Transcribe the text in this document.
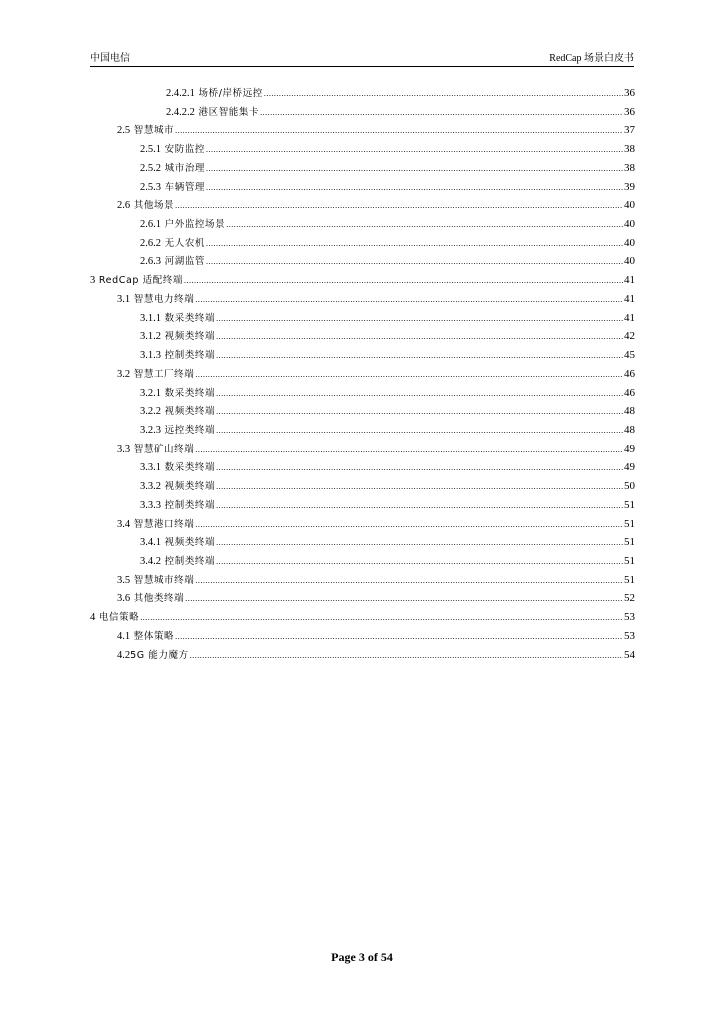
中国电信	RedCap 场景白皮书
2.4.2.1 场桥/岸桥远控 .....	36
2.4.2.2 港区智能集卡 .....	36
2.5 智慧城市 .....	37
2.5.1 安防监控 .....	38
2.5.2 城市治理 .....	38
2.5.3 车辆管理 .....	39
2.6 其他场景 .....	40
2.6.1 户外监控场景 .....	40
2.6.2 无人农机 .....	40
2.6.3 河湖监管 .....	40
3 RedCap 适配终端 .....	41
3.1 智慧电力终端 .....	41
3.1.1 数采类终端 .....	41
3.1.2 视频类终端 .....	42
3.1.3 控制类终端 .....	45
3.2 智慧工厂终端 .....	46
3.2.1 数采类终端 .....	46
3.2.2 视频类终端 .....	48
3.2.3 远控类终端 .....	48
3.3 智慧矿山终端 .....	49
3.3.1 数采类终端 .....	49
3.3.2 视频类终端 .....	50
3.3.3 控制类终端 .....	51
3.4 智慧港口终端 .....	51
3.4.1 视频类终端 .....	51
3.4.2 控制类终端 .....	51
3.5 智慧城市终端 .....	51
3.6 其他类终端 .....	52
4 电信策略 .....	53
4.1 整体策略 .....	53
4.25G 能力魔方 .....	54
Page 3 of 54
